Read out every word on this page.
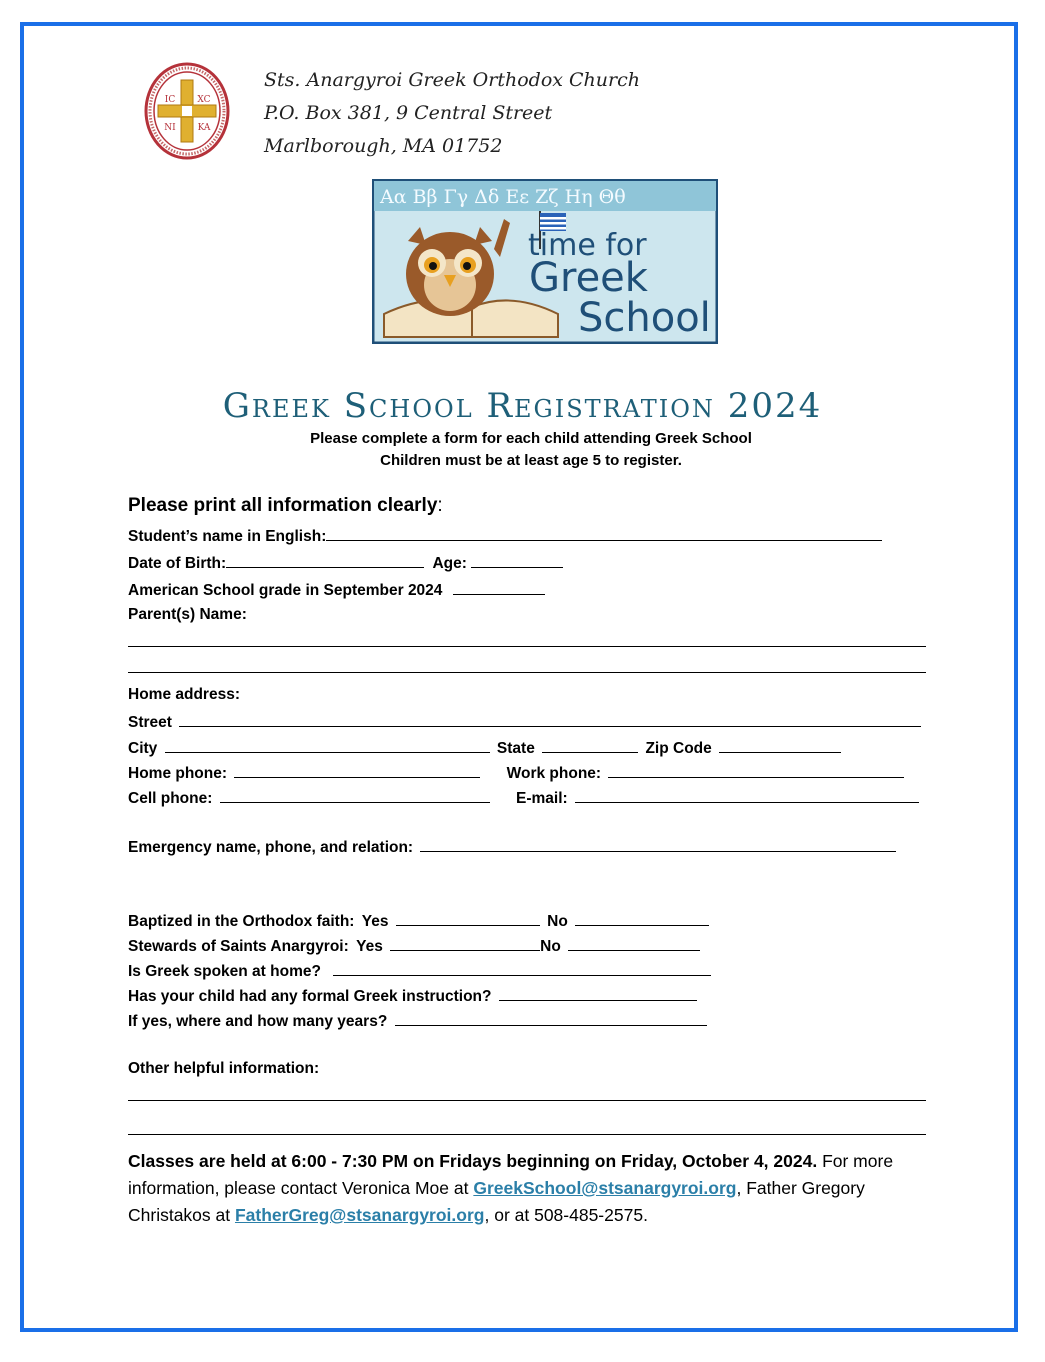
IC XC
NI KA
Sts. Anargyroi Greek Orthodox Church
P.O. Box 381, 9 Central Street
Marlborough, MA 01752
Αα Ββ Γγ Δδ Εε Ζζ Ηη Θθ
time for
Greek
School
Greek School Registration 2024
Please complete a form for each child attending Greek School
Children must be at least age 5 to register.
Please print all information clearly:
Student’s name in English:
Date of Birth:	Age:
American School grade in September 2024
Parent(s) Name:
Home address:
Street
City	State	Zip Code
Home phone:	Work phone:
Cell phone:	E-mail:
Emergency name, phone, and relation:
Baptized in the Orthodox faith: Yes	No
Stewards of Saints Anargyroi: Yes	No
Is Greek spoken at home?
Has your child had any formal Greek instruction?
If yes, where and how many years?
Other helpful information:
Classes are held at 6:00 - 7:30 PM on Fridays beginning on Friday, October 4, 2024. For more information, please contact Veronica Moe at GreekSchool@stsanargyroi.org, Father Gregory Christakos at FatherGreg@stsanargyroi.org, or at 508-485-2575.
